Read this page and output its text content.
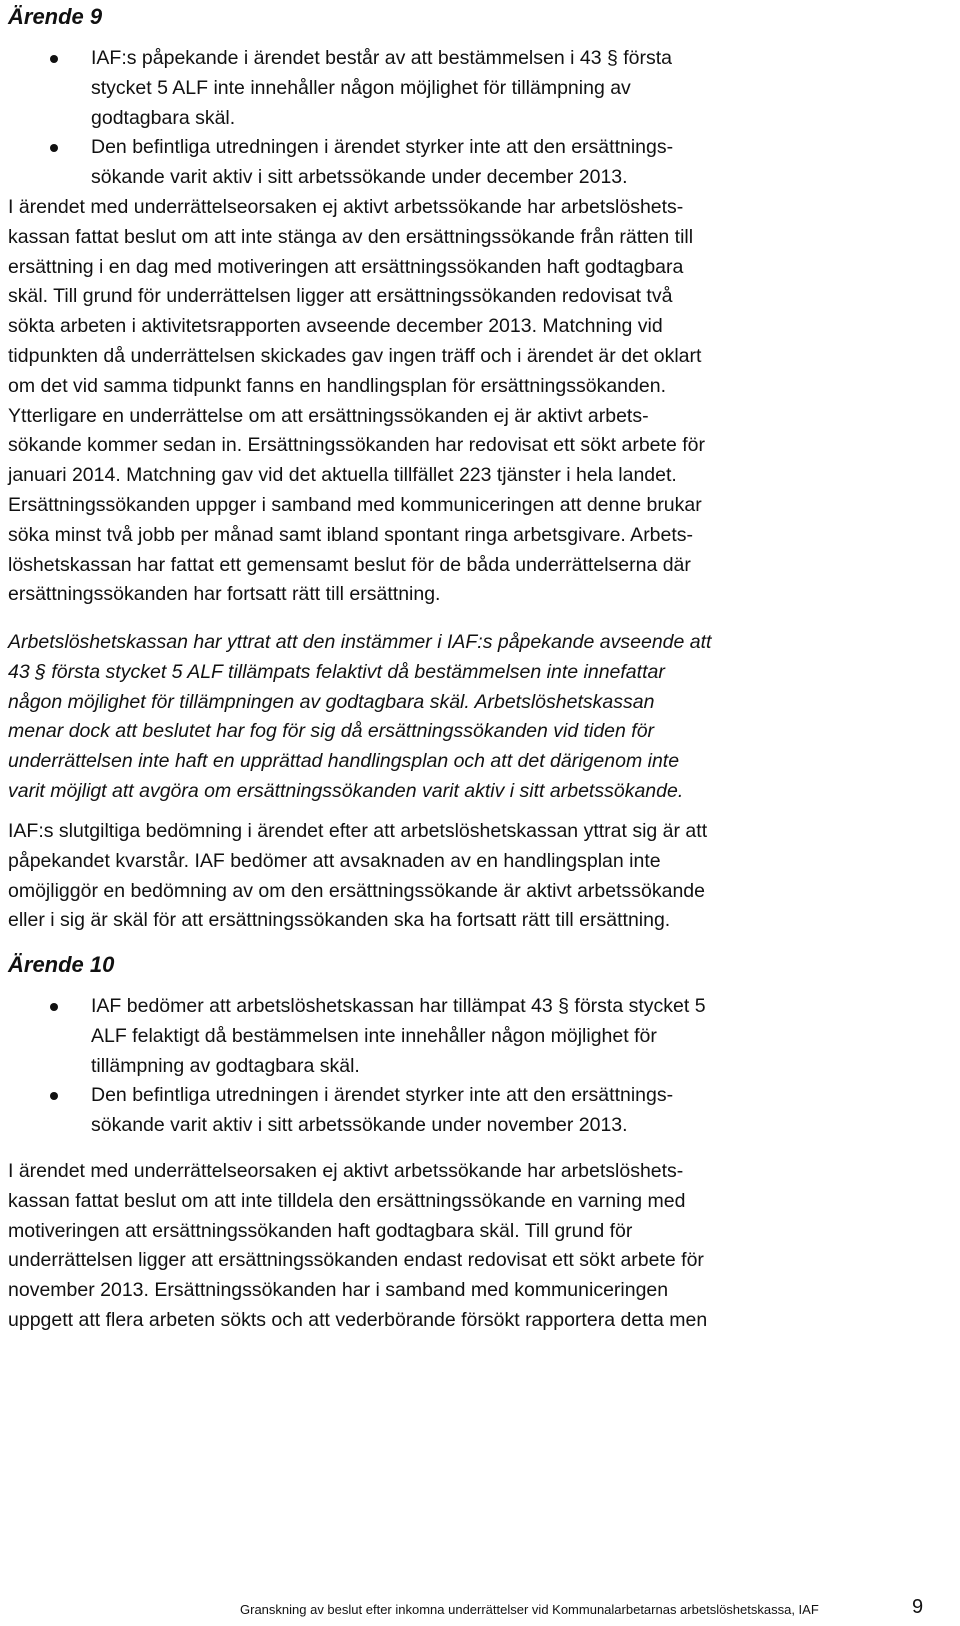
Ärende 9
IAF:s påpekande i ärendet består av att bestämmelsen i 43 § första
stycket 5 ALF inte innehåller någon möjlighet för tillämpning av
godtagbara skäl.
Den befintliga utredningen i ärendet styrker inte att den ersättnings-
sökande varit aktiv i sitt arbetssökande under december 2013.
I ärendet med underrättelseorsaken ej aktivt arbetssökande har arbetslöshets-
kassan fattat beslut om att inte stänga av den ersättningssökande från rätten till
ersättning i en dag med motiveringen att ersättningssökanden haft godtagbara
skäl. Till grund för underrättelsen ligger att ersättningssökanden redovisat två
sökta arbeten i aktivitetsrapporten avseende december 2013. Matchning vid
tidpunkten då underrättelsen skickades gav ingen träff och i ärendet är det oklart
om det vid samma tidpunkt fanns en handlingsplan för ersättningssökanden.
Ytterligare en underrättelse om att ersättningssökanden ej är aktivt arbets-
sökande kommer sedan in. Ersättningssökanden har redovisat ett sökt arbete för
januari 2014. Matchning gav vid det aktuella tillfället 223 tjänster i hela landet.
Ersättningssökanden uppger i samband med kommuniceringen att denne brukar
söka minst två jobb per månad samt ibland spontant ringa arbetsgivare. Arbets-
löshetskassan har fattat ett gemensamt beslut för de båda underrättelserna där
ersättningssökanden har fortsatt rätt till ersättning.
Arbetslöshetskassan har yttrat att den instämmer i IAF:s påpekande avseende att
43 § första stycket 5 ALF tillämpats felaktivt då bestämmelsen inte innefattar
någon möjlighet för tillämpningen av godtagbara skäl. Arbetslöshetskassan
menar dock att beslutet har fog för sig då ersättningssökanden vid tiden för
underrättelsen inte haft en upprättad handlingsplan och att det därigenom inte
varit möjligt att avgöra om ersättningssökanden varit aktiv i sitt arbetssökande.
IAF:s slutgiltiga bedömning i ärendet efter att arbetslöshetskassan yttrat sig är att
påpekandet kvarstår. IAF bedömer att avsaknaden av en handlingsplan inte
omöjliggör en bedömning av om den ersättningssökande är aktivt arbetssökande
eller i sig är skäl för att ersättningssökanden ska ha fortsatt rätt till ersättning.
Ärende 10
IAF bedömer att arbetslöshetskassan har tillämpat 43 § första stycket 5
ALF felaktigt då bestämmelsen inte innehåller någon möjlighet för
tillämpning av godtagbara skäl.
Den befintliga utredningen i ärendet styrker inte att den ersättnings-
sökande varit aktiv i sitt arbetssökande under november 2013.
I ärendet med underrättelseorsaken ej aktivt arbetssökande har arbetslöshets-
kassan fattat beslut om att inte tilldela den ersättningssökande en varning med
motiveringen att ersättningssökanden haft godtagbara skäl. Till grund för
underrättelsen ligger att ersättningssökanden endast redovisat ett sökt arbete för
november 2013. Ersättningssökanden har i samband med kommuniceringen
uppgett att flera arbeten sökts och att vederbörande försökt rapportera detta men
Granskning av beslut efter inkomna underrättelser vid Kommunalarbetarnas arbetslöshetskassa, IAF	9
